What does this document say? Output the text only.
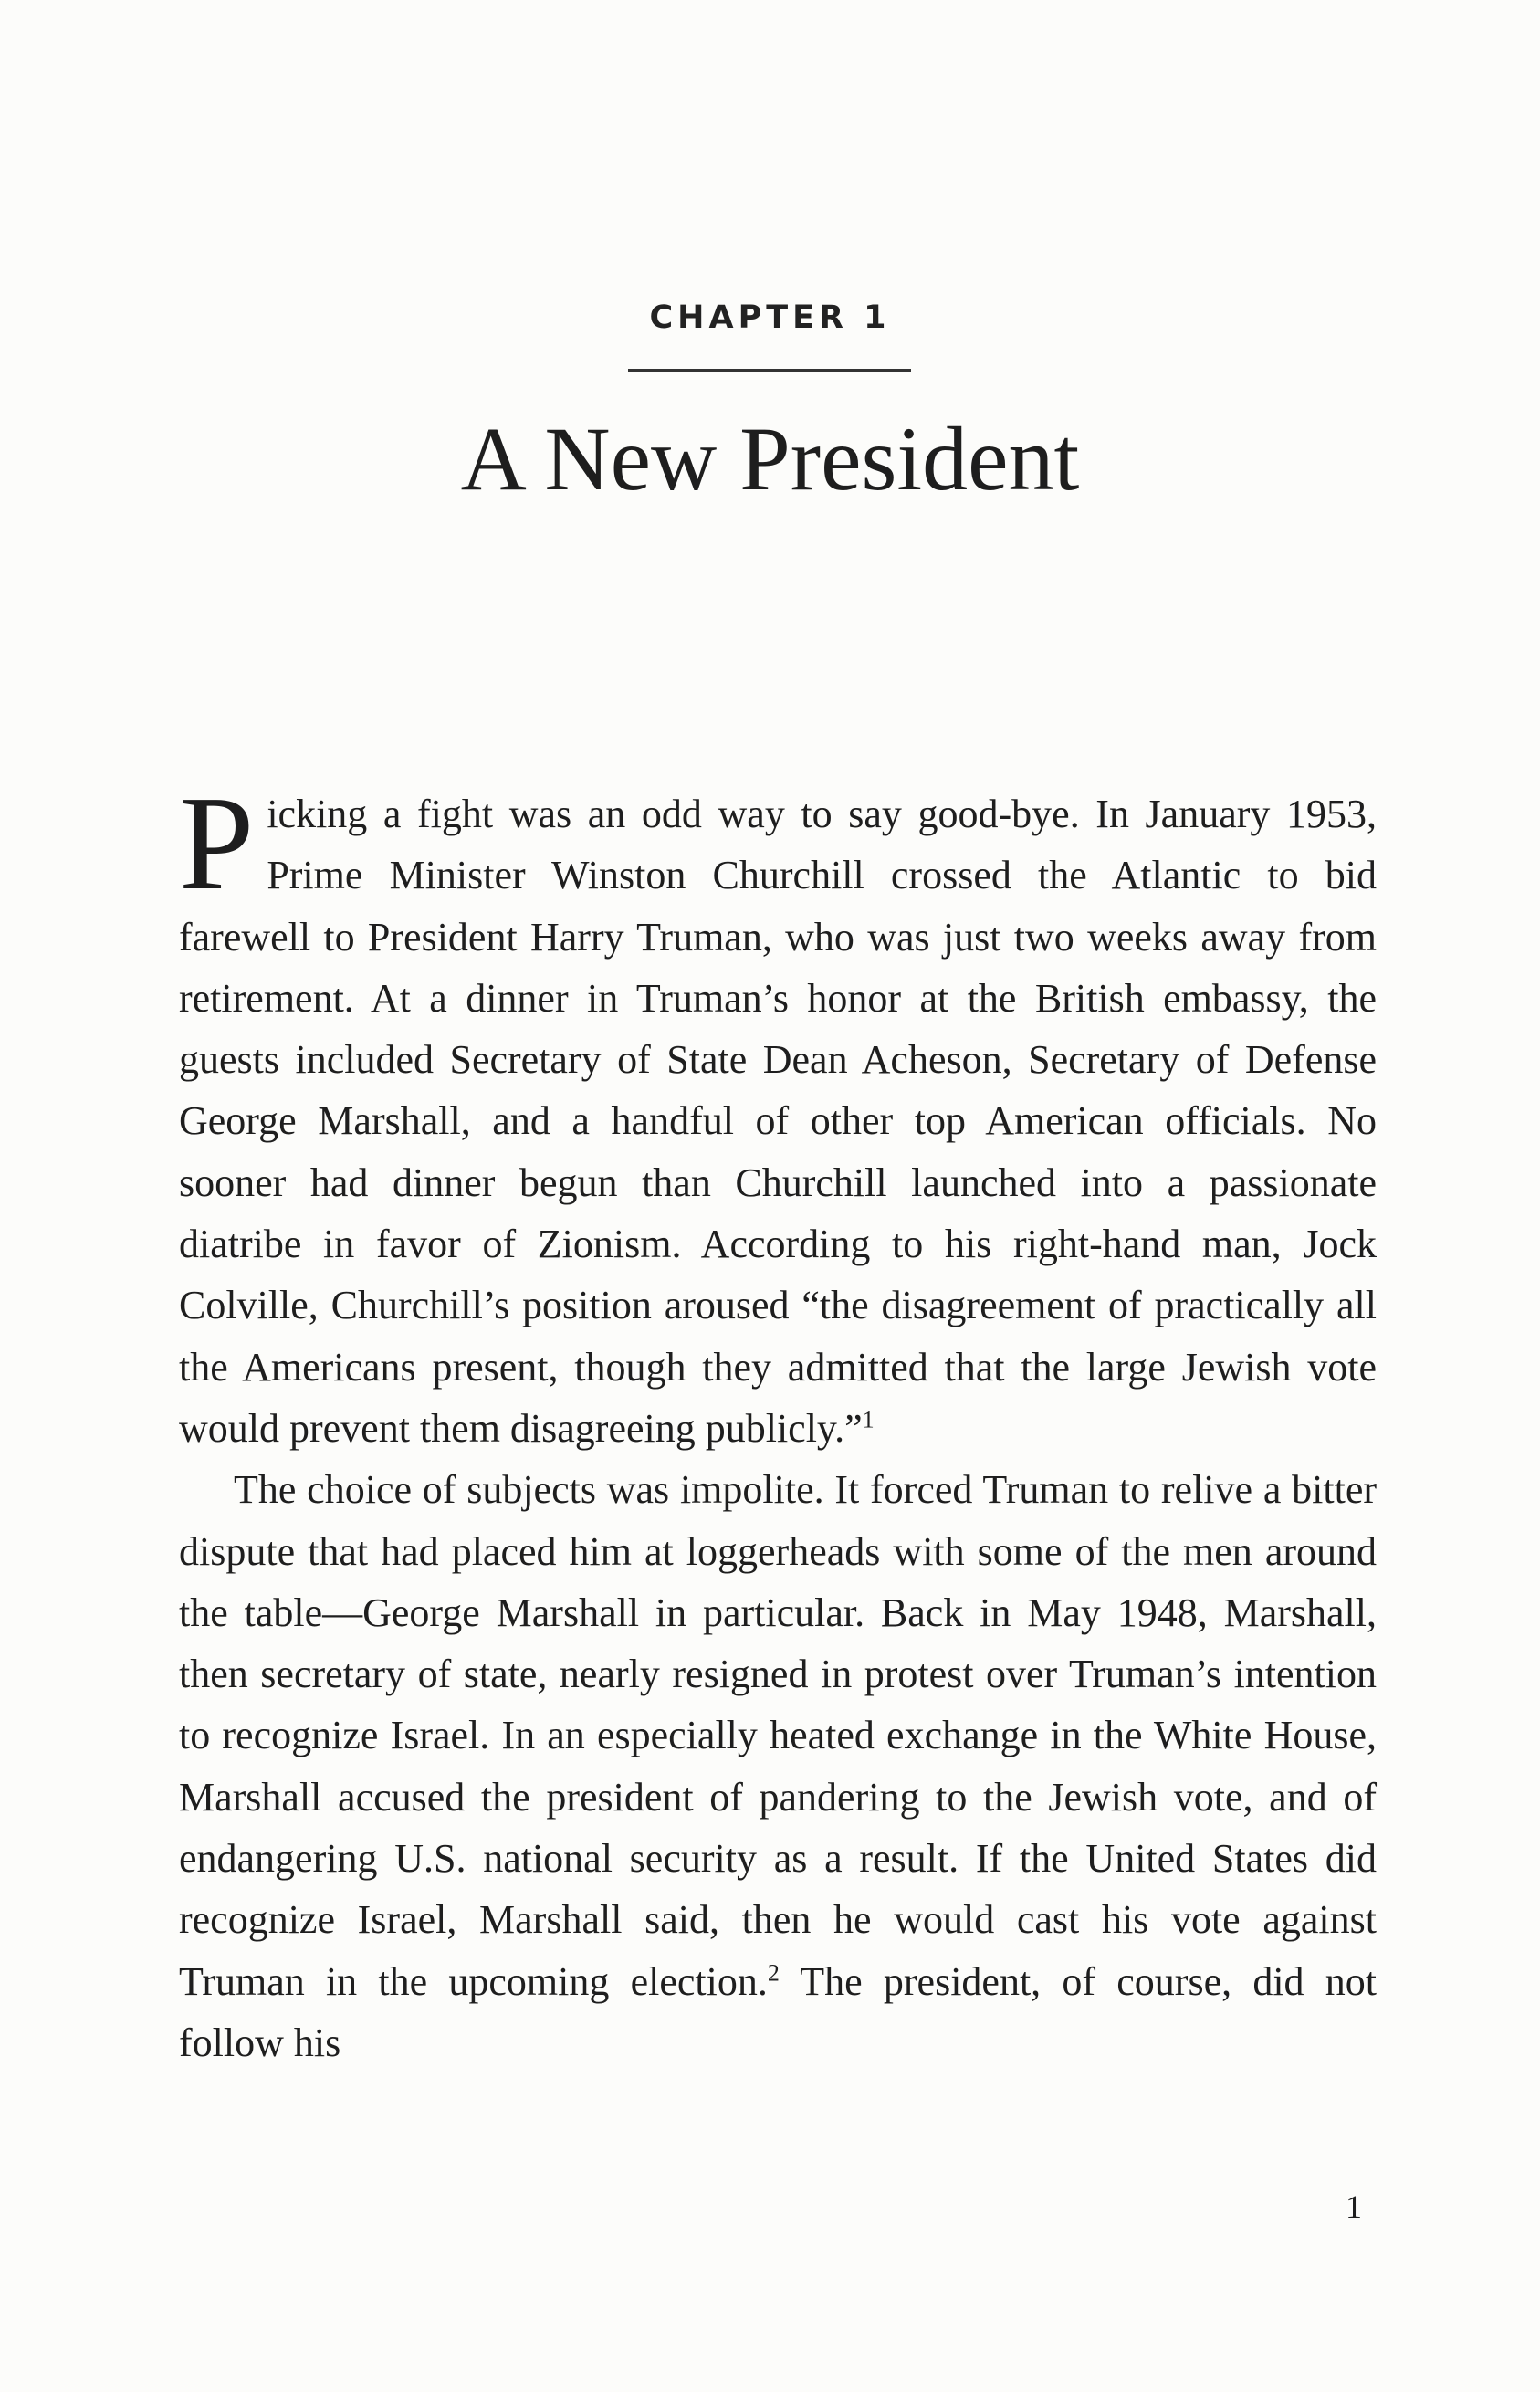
CHAPTER 1
A New President

Picking a fight was an odd way to say good-bye. In January 1953, Prime Minister Winston Churchill crossed the Atlantic to bid farewell to President Harry Truman, who was just two weeks away from retirement. At a dinner in Truman’s honor at the British embassy, the guests included Secretary of State Dean Acheson, Secretary of Defense George Marshall, and a handful of other top American officials. No sooner had dinner begun than Churchill launched into a passionate diatribe in favor of Zionism. According to his right-hand man, Jock Colville, Churchill’s position aroused “the disagreement of practically all the Americans present, though they admitted that the large Jewish vote would prevent them disagreeing publicly.”$^1$

The choice of subjects was impolite. It forced Truman to relive a bitter dispute that had placed him at loggerheads with some of the men around the table—George Marshall in particular. Back in May 1948, Marshall, then secretary of state, nearly resigned in protest over Truman’s intention to recognize Israel. In an especially heated exchange in the White House, Marshall accused the president of pandering to the Jewish vote, and of endangering U.S. national security as a result. If the United States did recognize Israel, Marshall said, then he would cast his vote against Truman in the upcoming election.$^2$ The president, of course, did not follow his

1
